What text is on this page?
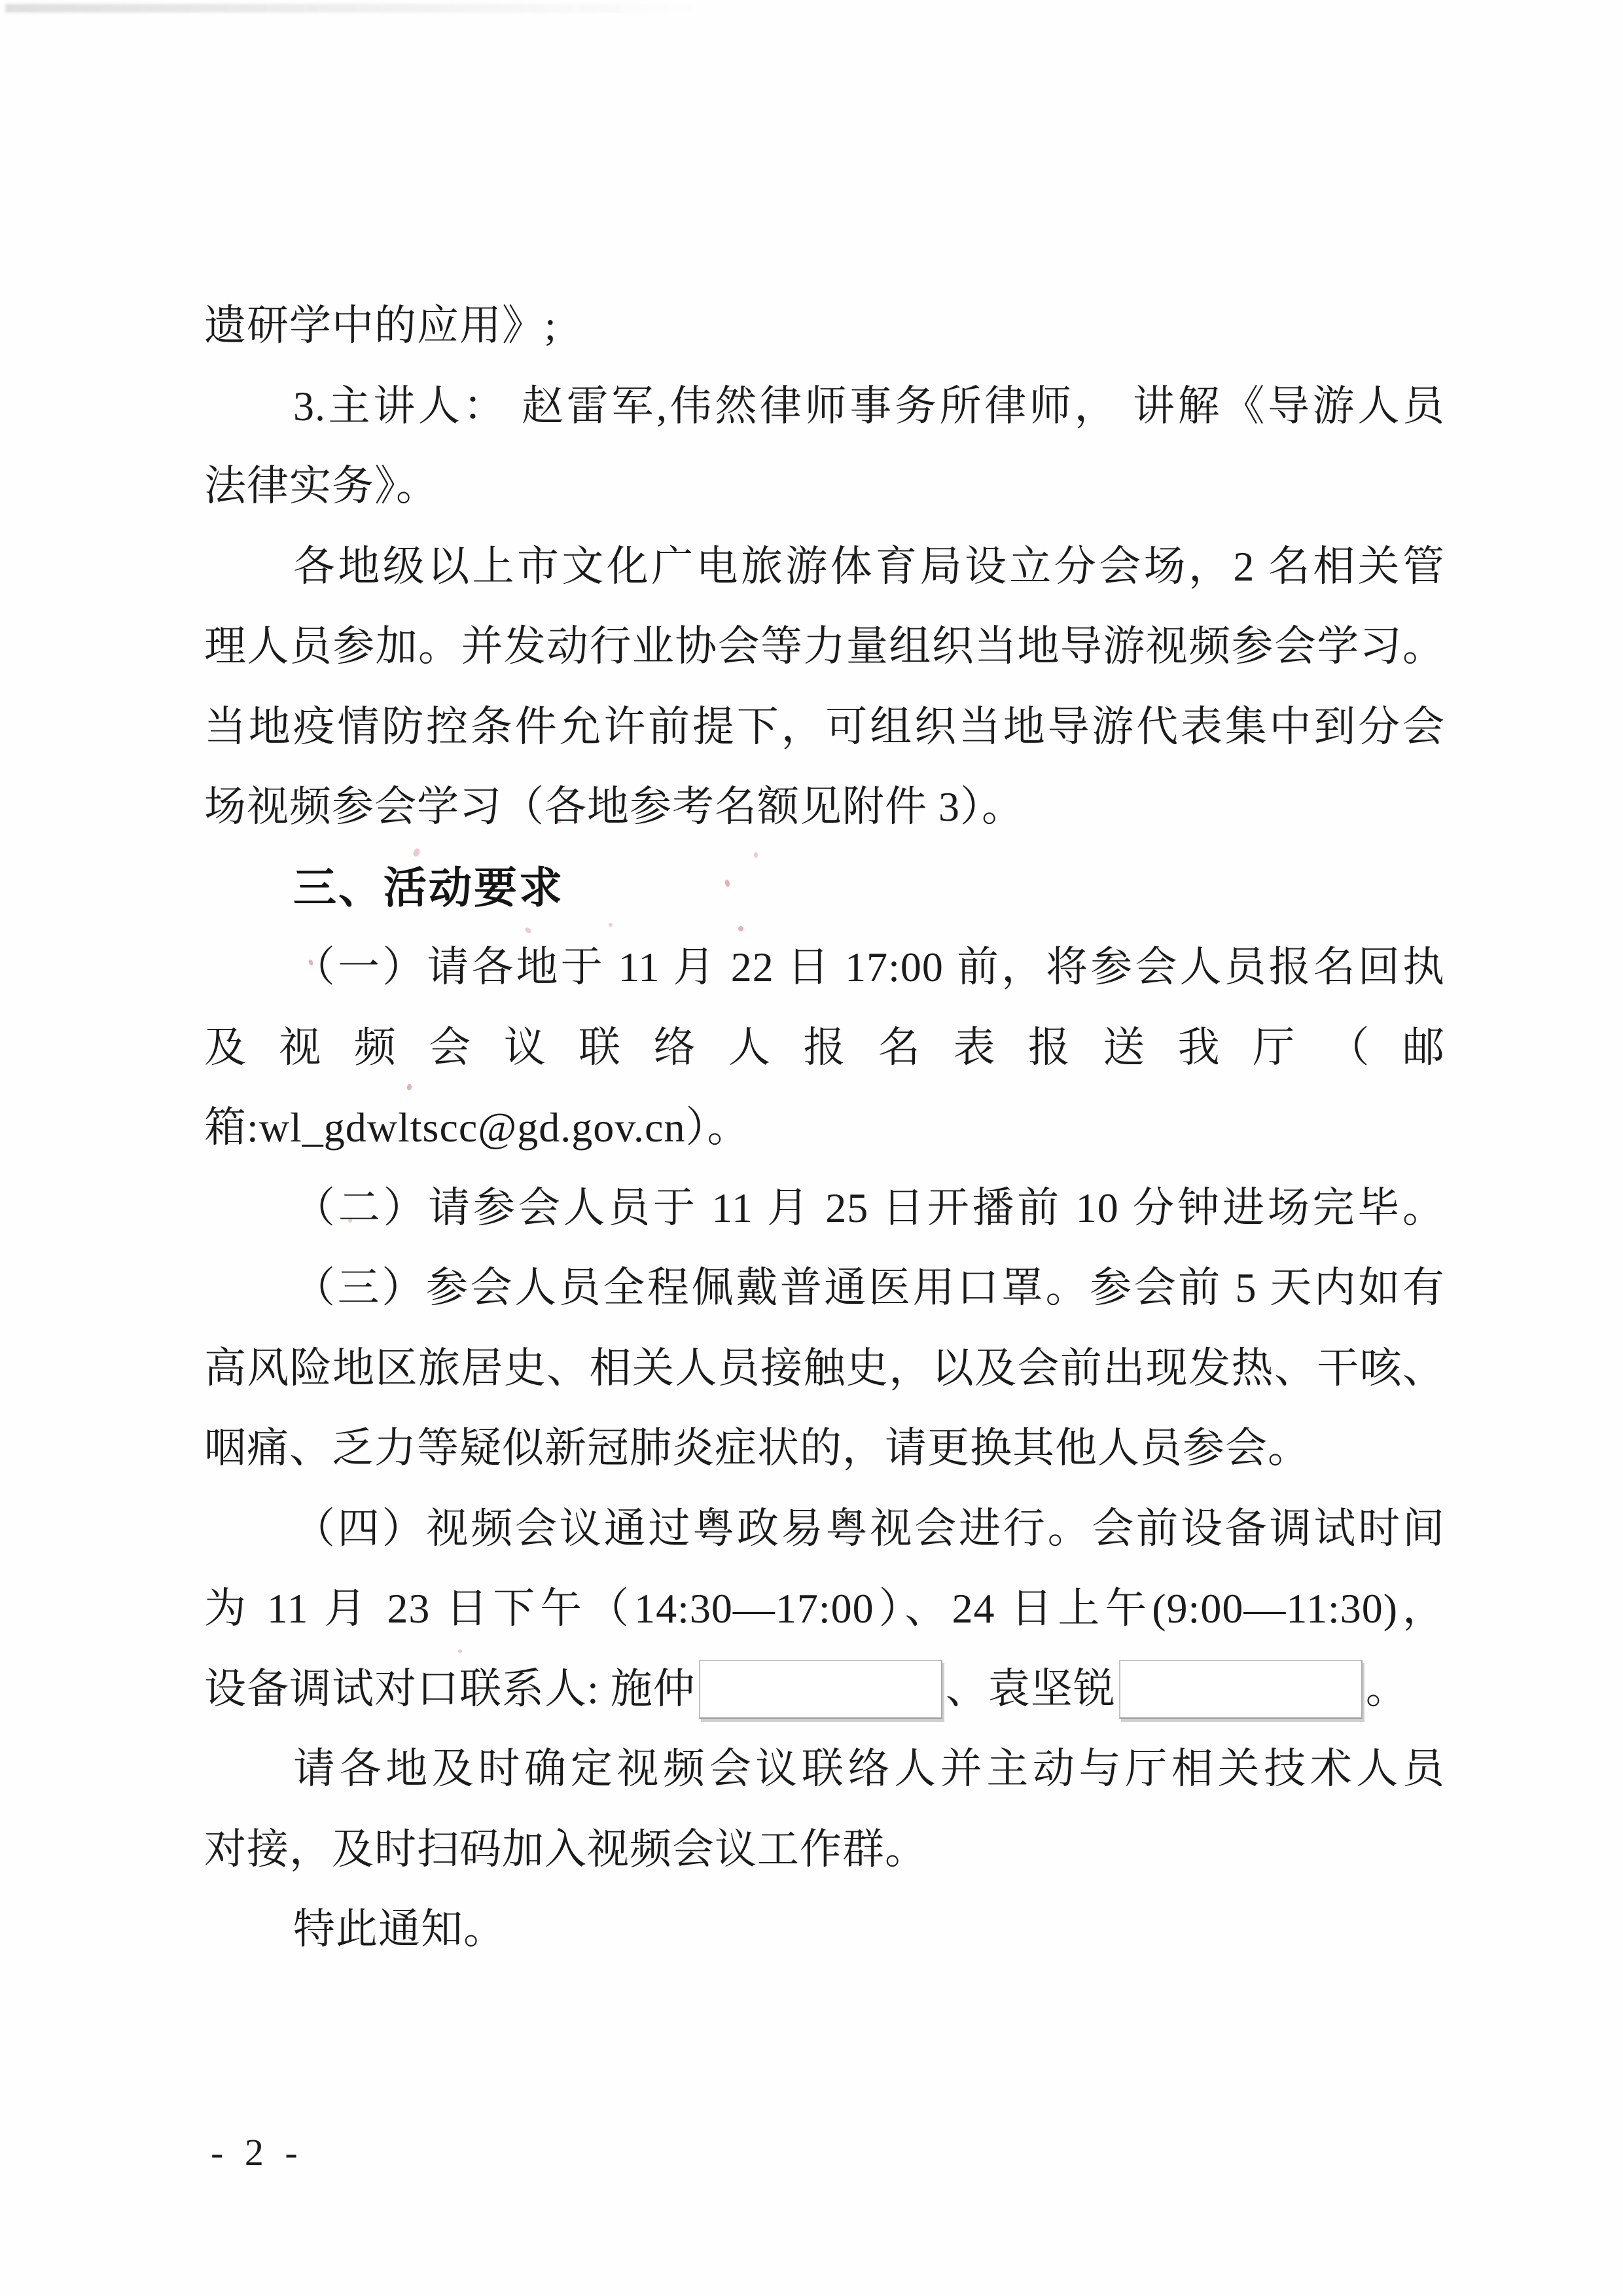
遗研学中的应用》;
3.主讲人： 赵雷军,伟然律师事务所律师， 讲解《导游人员
法律实务》。
各地级以上市文化广电旅游体育局设立分会场，2 名相关管
理人员参加。并发动行业协会等力量组织当地导游视频参会学习。
当地疫情防控条件允许前提下，可组织当地导游代表集中到分会
场视频参会学习（各地参考名额见附件 3）。
三、活动要求
（一）请各地于 11 月 22 日 17:00 前，将参会人员报名回执
及视频会议联络人报名表报送我厅（邮
箱:wl_gdwltscc@gd.gov.cn）。
（二）请参会人员于 11 月 25 日开播前 10 分钟进场完毕。
（三）参会人员全程佩戴普通医用口罩。参会前 5 天内如有
高风险地区旅居史、相关人员接触史，以及会前出现发热、干咳、
咽痛、乏力等疑似新冠肺炎症状的，请更换其他人员参会。
（四）视频会议通过粤政易粤视会进行。会前设备调试时间
为 11 月 23 日下午（14:30—17:00）、24 日上午(9:00—11:30)，
设备调试对口联系人: 施仲	、袁坚锐	。
请各地及时确定视频会议联络人并主动与厅相关技术人员
对接，及时扫码加入视频会议工作群。
特此通知。
- 2 -
